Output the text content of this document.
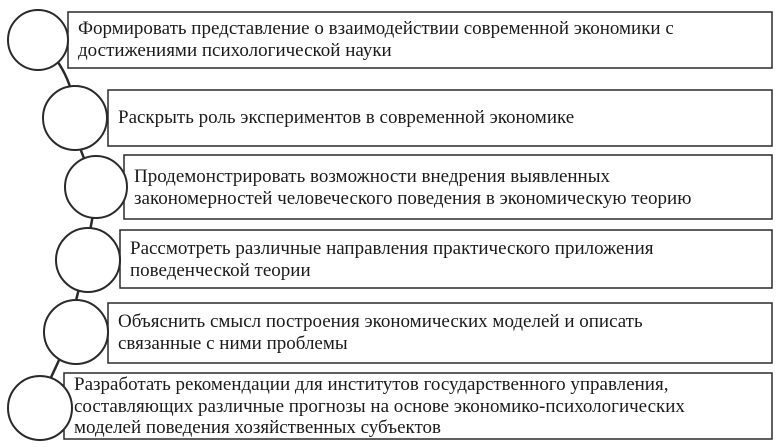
Формировать представление о взаимодействии современной экономики с
достижениями психологической науки
Раскрыть роль экспериментов в современной экономике
Продемонстрировать возможности внедрения выявленных
закономерностей человеческого поведения в экономическую теорию
Рассмотреть различные направления практического приложения
поведенческой теории
Объяснить смысл построения экономических моделей и описать
связанные с ними проблемы
Разработать рекомендации для институтов государственного управления,
составляющих различные прогнозы на основе экономико-психологических
моделей поведения хозяйственных субъектов
